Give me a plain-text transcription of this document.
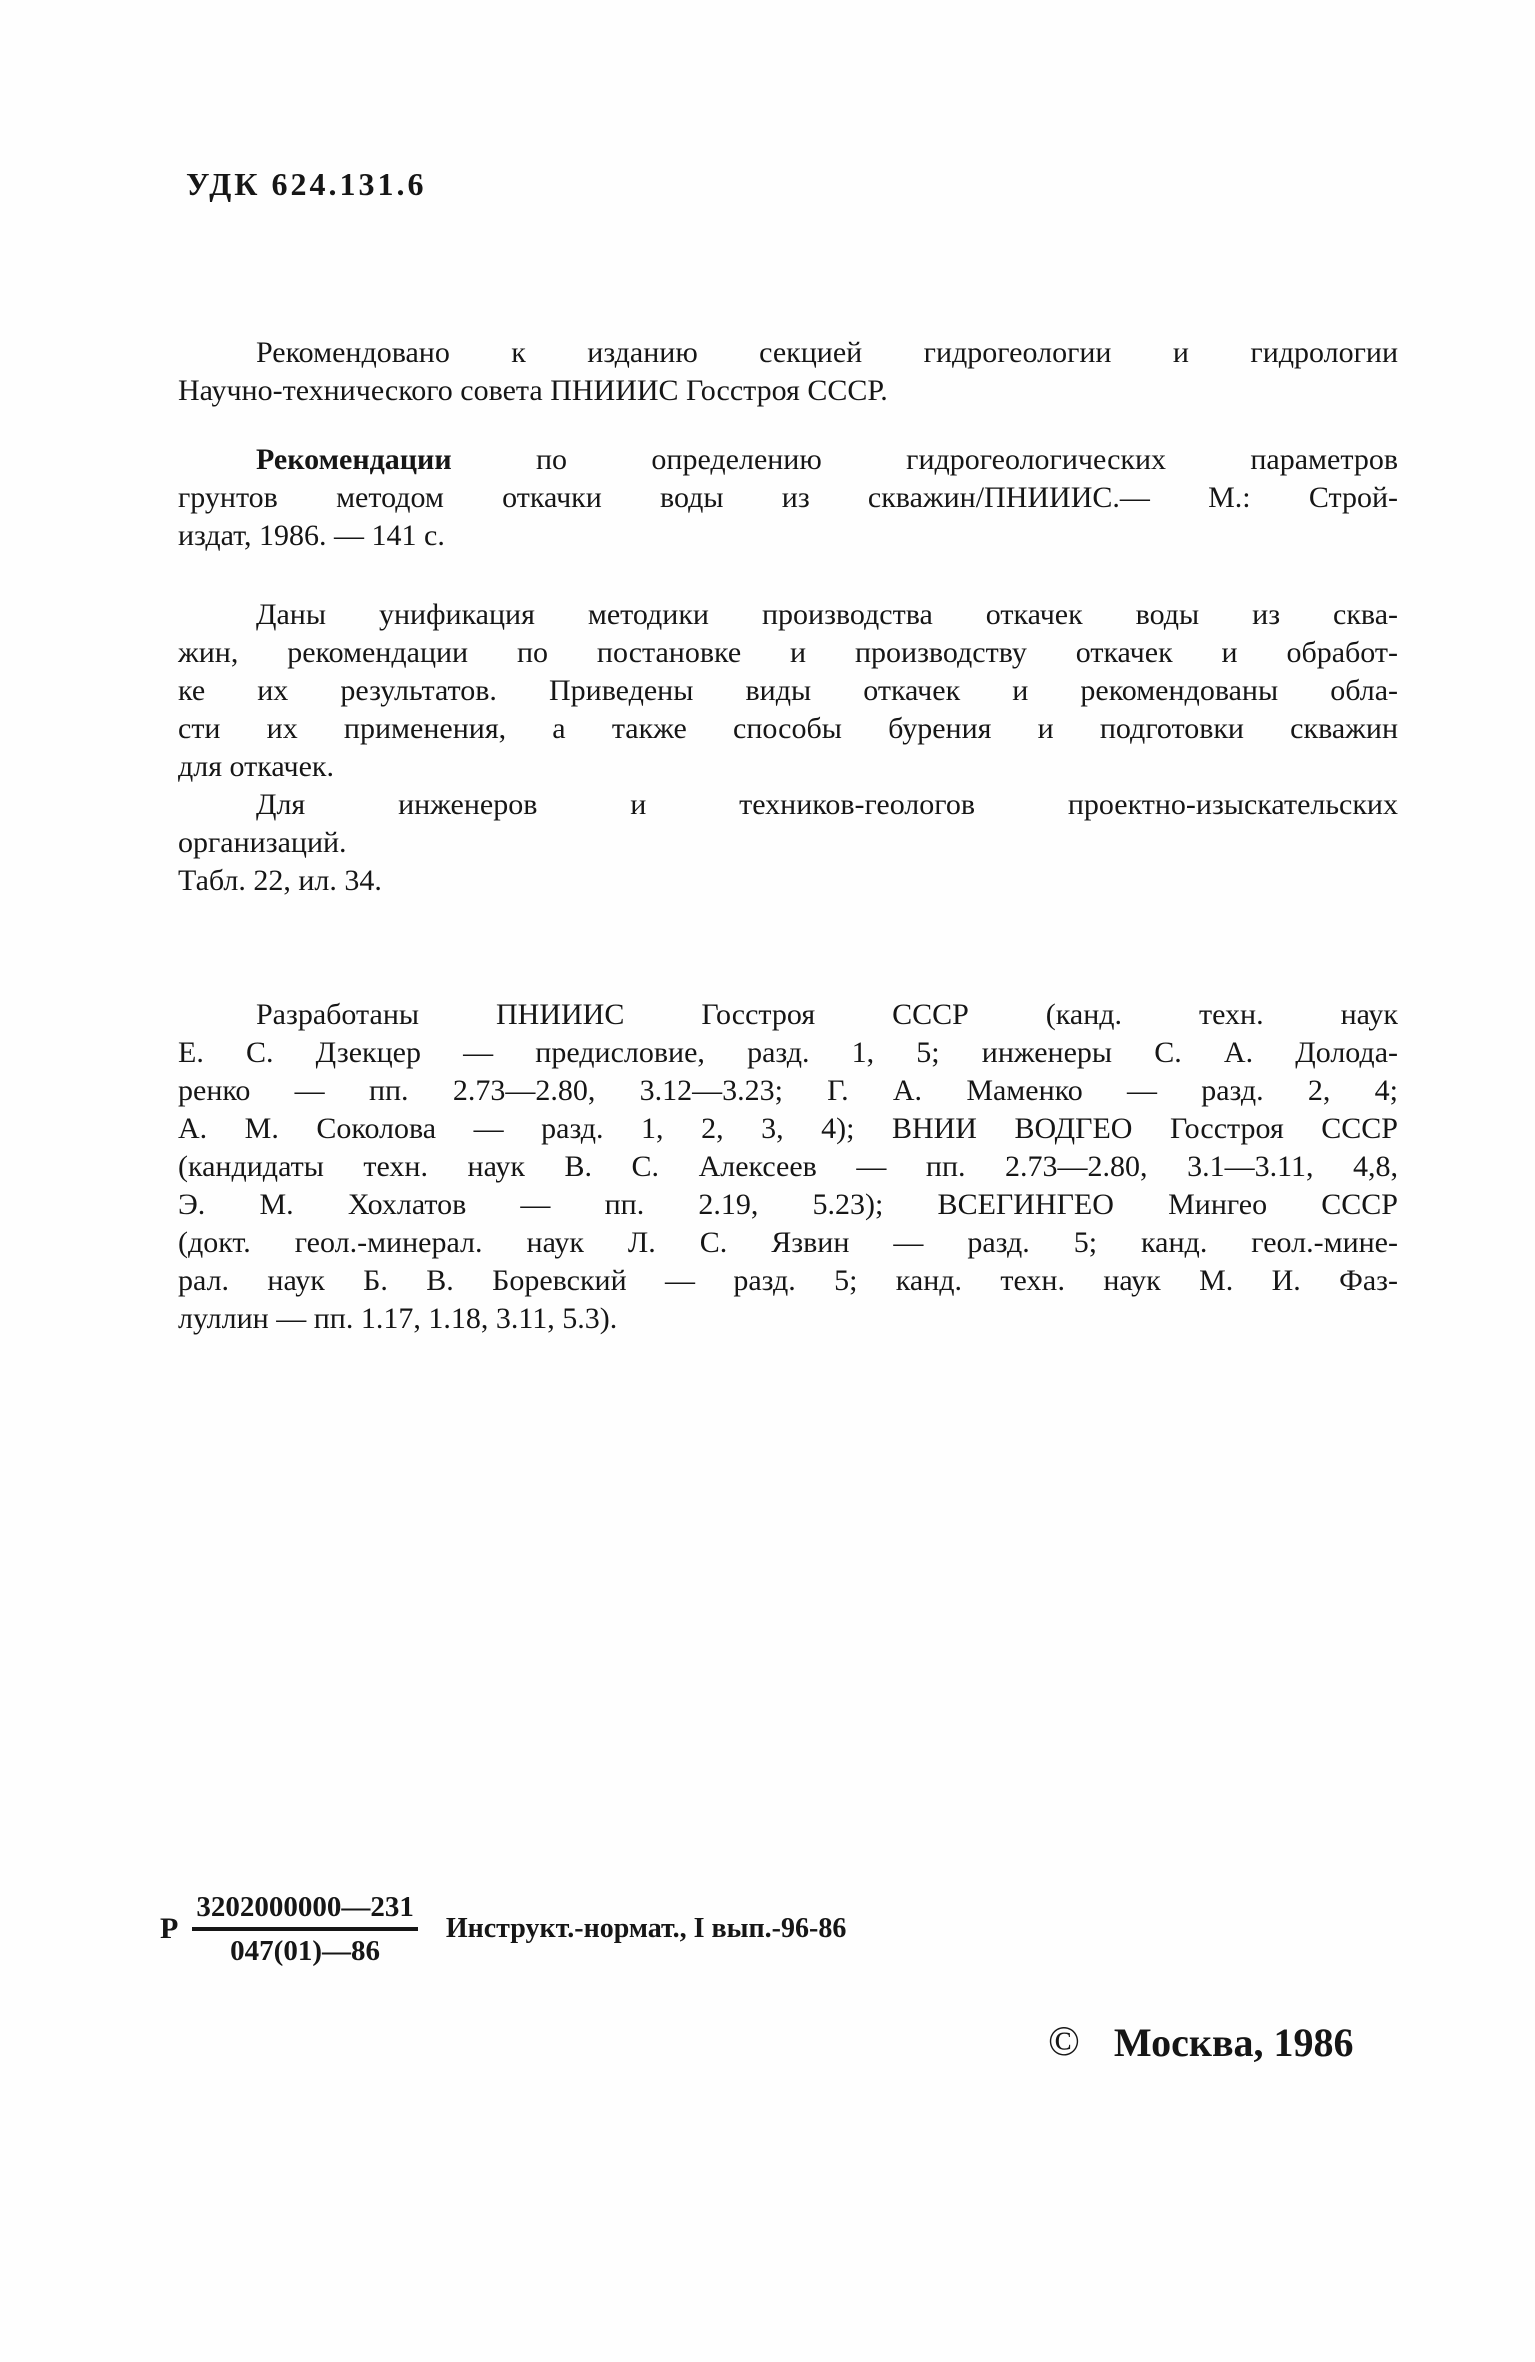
УДК 624.131.6
Рекомендовано к изданию секцией гидрогеологии и гидрологии
Научно-технического совета ПНИИИС Госстроя СССР.
Рекомендации по определению гидрогеологических параметров
грунтов методом откачки воды из скважин/ПНИИИС.— М.: Строй-
издат, 1986. — 141 с.
Даны унификация методики производства откачек воды из сква-
жин, рекомендации по постановке и производству откачек и обработ-
ке их результатов. Приведены виды откачек и рекомендованы обла-
сти их применения, а также способы бурения и подготовки скважин
для откачек.
Для инженеров и техников-геологов проектно-изыскательских
организаций.
Табл. 22, ил. 34.
Разработаны ПНИИИС Госстроя СССР (канд. техн. наук
Е. С. Дзекцер — предисловие, разд. 1, 5; инженеры С. А. Долода-
ренко — пп. 2.73—2.80, 3.12—3.23; Г. А. Маменко — разд. 2, 4;
А. М. Соколова — разд. 1, 2, 3, 4); ВНИИ ВОДГЕО Госстроя СССР
(кандидаты техн. наук В. С. Алексеев — пп. 2.73—2.80, 3.1—3.11, 4,8,
Э. М. Хохлатов — пп. 2.19, 5.23); ВСЕГИНГЕО Мингео СССР
(докт. геол.-минерал. наук Л. С. Язвин — разд. 5; канд. геол.-мине-
рал. наук Б. В. Боревский — разд. 5; канд. техн. наук М. И. Фаз-
луллин — пп. 1.17, 1.18, 3.11, 5.3).
Р $\frac{3202000000—231}{047(01)—86}$ Инструкт.-нормат., I вып.-96-86
© Москва, 1986
